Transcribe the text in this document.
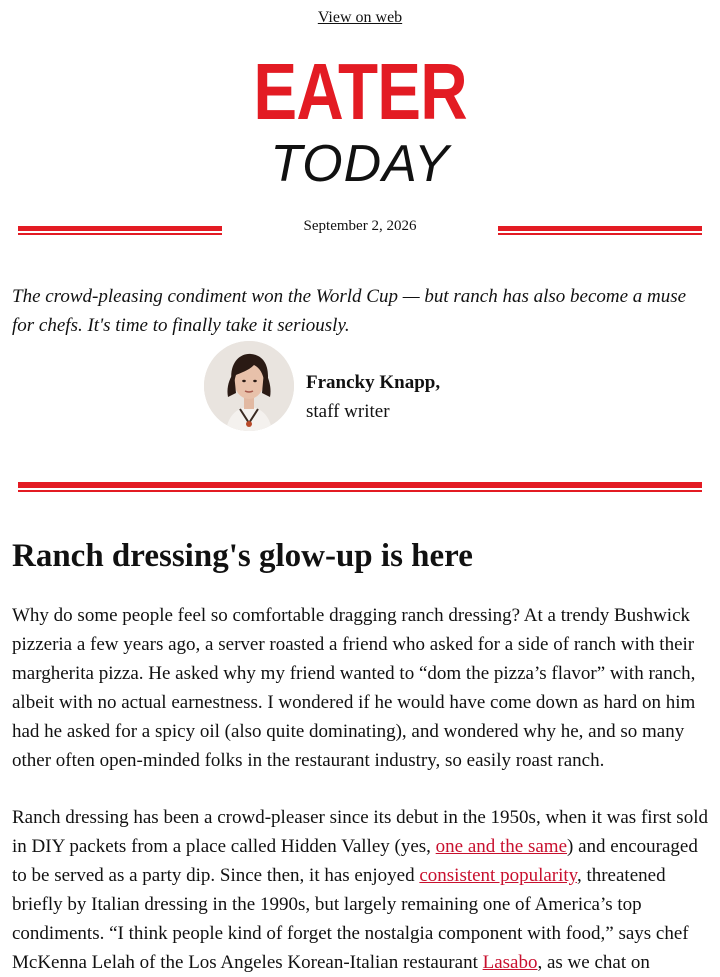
View on web
EATER
TODAY
September 2, 2026

The crowd-pleasing condiment won the World Cup — but ranch has also become a muse for chefs. It's time to finally take it seriously.

Francky Knapp,
staff writer
Ranch dressing's glow-up is here

Why do some people feel so comfortable dragging ranch dressing? At a trendy Bushwick pizzeria a few years ago, a server roasted a friend who asked for a side of ranch with their margherita pizza. He asked why my friend wanted to “dom the pizza’s flavor” with ranch, albeit with no actual earnestness. I wondered if he would have come down as hard on him had he asked for a spicy oil (also quite dominating), and wondered why he, and so many other often open-minded folks in the restaurant industry, so easily roast ranch.

Ranch dressing has been a crowd-pleaser since its debut in the 1950s, when it was first sold in DIY packets from a place called Hidden Valley (yes, one and the same) and encouraged to be served as a party dip. Since then, it has enjoyed consistent popularity, threatened briefly by Italian dressing in the 1990s, but largely remaining one of America’s top condiments. “I think people kind of forget the nostalgia component with food,” says chef McKenna Lelah of the Los Angeles Korean-Italian restaurant Lasabo, as we chat on
